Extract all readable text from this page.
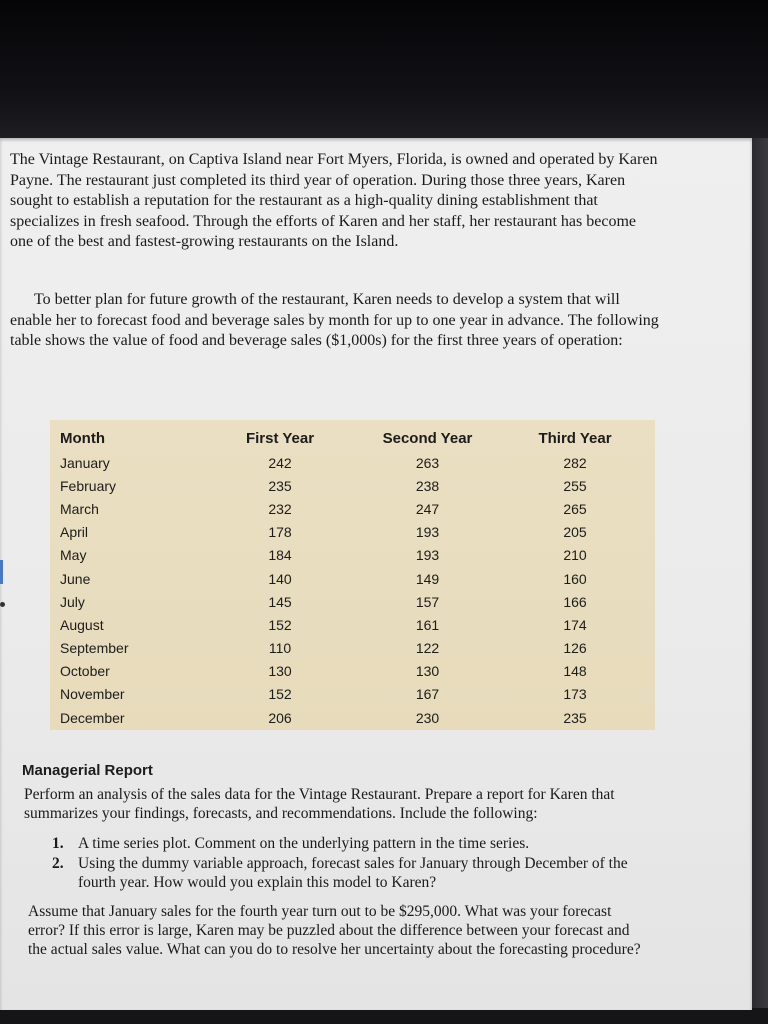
The Vintage Restaurant, on Captiva Island near Fort Myers, Florida, is owned and operated by Karen Payne. The restaurant just completed its third year of operation. During those three years, Karen sought to establish a reputation for the restaurant as a high-quality dining establishment that specializes in fresh seafood. Through the efforts of Karen and her staff, her restaurant has become one of the best and fastest-growing restaurants on the Island.

To better plan for future growth of the restaurant, Karen needs to develop a system that will enable her to forecast food and beverage sales by month for up to one year in advance. The following table shows the value of food and beverage sales ($1,000s) for the first three years of operation:

Month	First Year	Second Year	Third Year
January	242	263	282
February	235	238	255
March	232	247	265
April	178	193	205
May	184	193	210
June	140	149	160
July	145	157	166
August	152	161	174
September	110	122	126
October	130	130	148
November	152	167	173
December	206	230	235
Managerial Report

Perform an analysis of the sales data for the Vintage Restaurant. Prepare a report for Karen that summarizes your findings, forecasts, and recommendations. Include the following:

1. A time series plot. Comment on the underlying pattern in the time series.
2. Using the dummy variable approach, forecast sales for January through December of the fourth year. How would you explain this model to Karen?

Assume that January sales for the fourth year turn out to be $295,000. What was your forecast error? If this error is large, Karen may be puzzled about the difference between your forecast and the actual sales value. What can you do to resolve her uncertainty about the forecasting procedure?
